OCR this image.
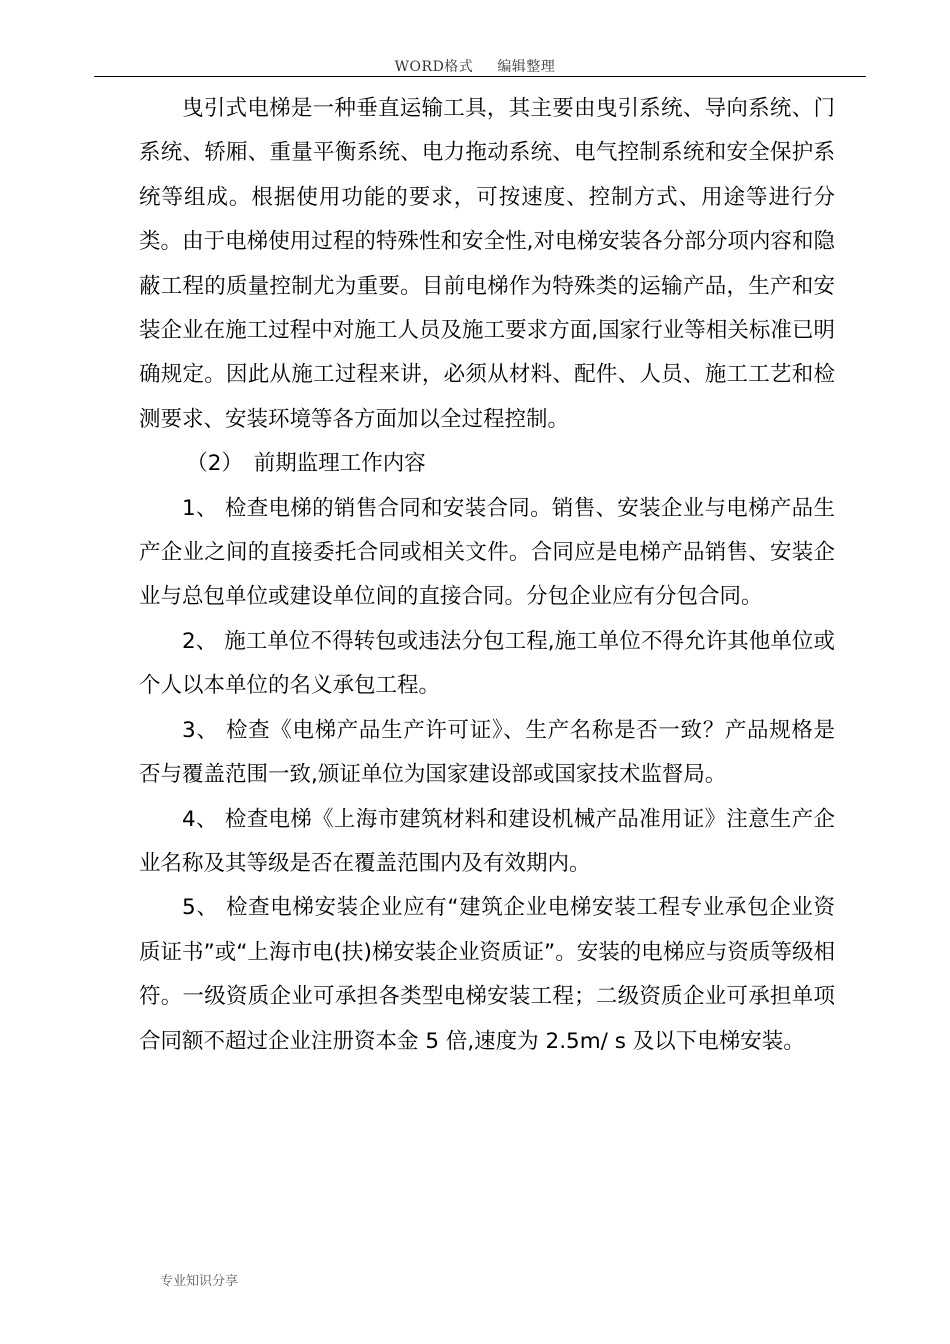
WORD格式 编辑整理

曳引式电梯是一种垂直运输工具，其主要由曳引系统、导向系统、门系统、轿厢、重量平衡系统、电力拖动系统、电气控制系统和安全保护系统等组成。根据使用功能的要求，可按速度、控制方式、用途等进行分类。由于电梯使用过程的特殊性和安全性,对电梯安装各分部分项内容和隐蔽工程的质量控制尤为重要。目前电梯作为特殊类的运输产品，生产和安装企业在施工过程中对施工人员及施工要求方面,国家行业等相关标准已明确规定。因此从施工过程来讲，必须从材料、配件、人员、施工工艺和检测要求、安装环境等各方面加以全过程控制。

（2）　前期监理工作内容

1、 检查电梯的销售合同和安装合同。销售、安装企业与电梯产品生产企业之间的直接委托合同或相关文件。合同应是电梯产品销售、安装企业与总包单位或建设单位间的直接合同。分包企业应有分包合同。

2、 施工单位不得转包或违法分包工程,施工单位不得允许其他单位或个人以本单位的名义承包工程。

3、 检查《电梯产品生产许可证》、生产名称是否一致？产品规格是否与覆盖范围一致,颁证单位为国家建设部或国家技术监督局。

4、 检查电梯《上海市建筑材料和建设机械产品准用证》注意生产企业名称及其等级是否在覆盖范围内及有效期内。

5、 检查电梯安装企业应有“建筑企业电梯安装工程专业承包企业资质证书”或“上海市电(扶)梯安装企业资质证”。安装的电梯应与资质等级相符。一级资质企业可承担各类型电梯安装工程；二级资质企业可承担单项合同额不超过企业注册资本金 5 倍,速度为 2.5m/ s 及以下电梯安装。

专业知识分享
